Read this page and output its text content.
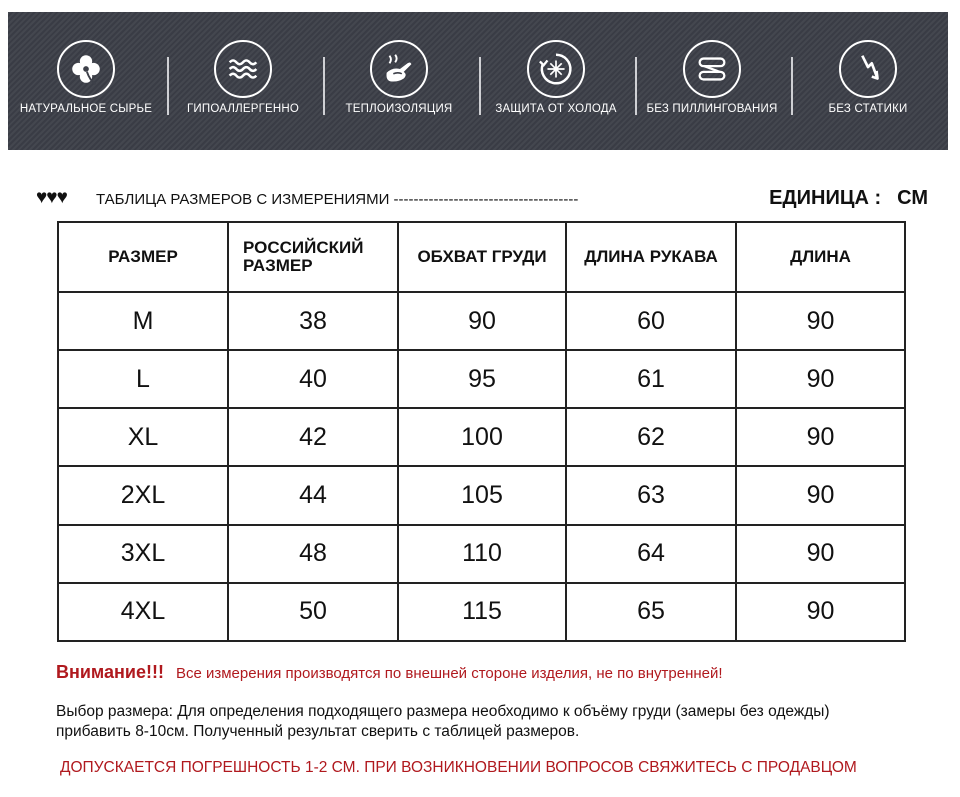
НАТУРАЛЬНОЕ СЫРЬЕ	ГИПОАЛЛЕРГЕННО	ТЕПЛОИЗОЛЯЦИЯ	ЗАЩИТА ОТ ХОЛОДА	БЕЗ ПИЛЛИНГОВАНИЯ	БЕЗ СТАТИКИ
♥♥♥ ТАБЛИЦА РАЗМЕРОВ С ИЗМЕРЕНИЯМИ -------------------------------------	ЕДИНИЦА : СМ
РАЗМЕР	РОССИЙСКИЙ РАЗМЕР	ОБХВАТ ГРУДИ	ДЛИНА РУКАВА	ДЛИНА
M	38	90	60	90
L	40	95	61	90
XL	42	100	62	90
2XL	44	105	63	90
3XL	48	110	64	90
4XL	50	115	65	90
Внимание!!! Все измерения производятся по внешней стороне изделия, не по внутренней!
Выбор размера: Для определения подходящего размера необходимо к объёму груди (замеры без одежды) прибавить 8-10см. Полученный результат сверить с таблицей размеров.
ДОПУСКАЕТСЯ ПОГРЕШНОСТЬ 1-2 СМ. ПРИ ВОЗНИКНОВЕНИИ ВОПРОСОВ СВЯЖИТЕСЬ С ПРОДАВЦОМ
